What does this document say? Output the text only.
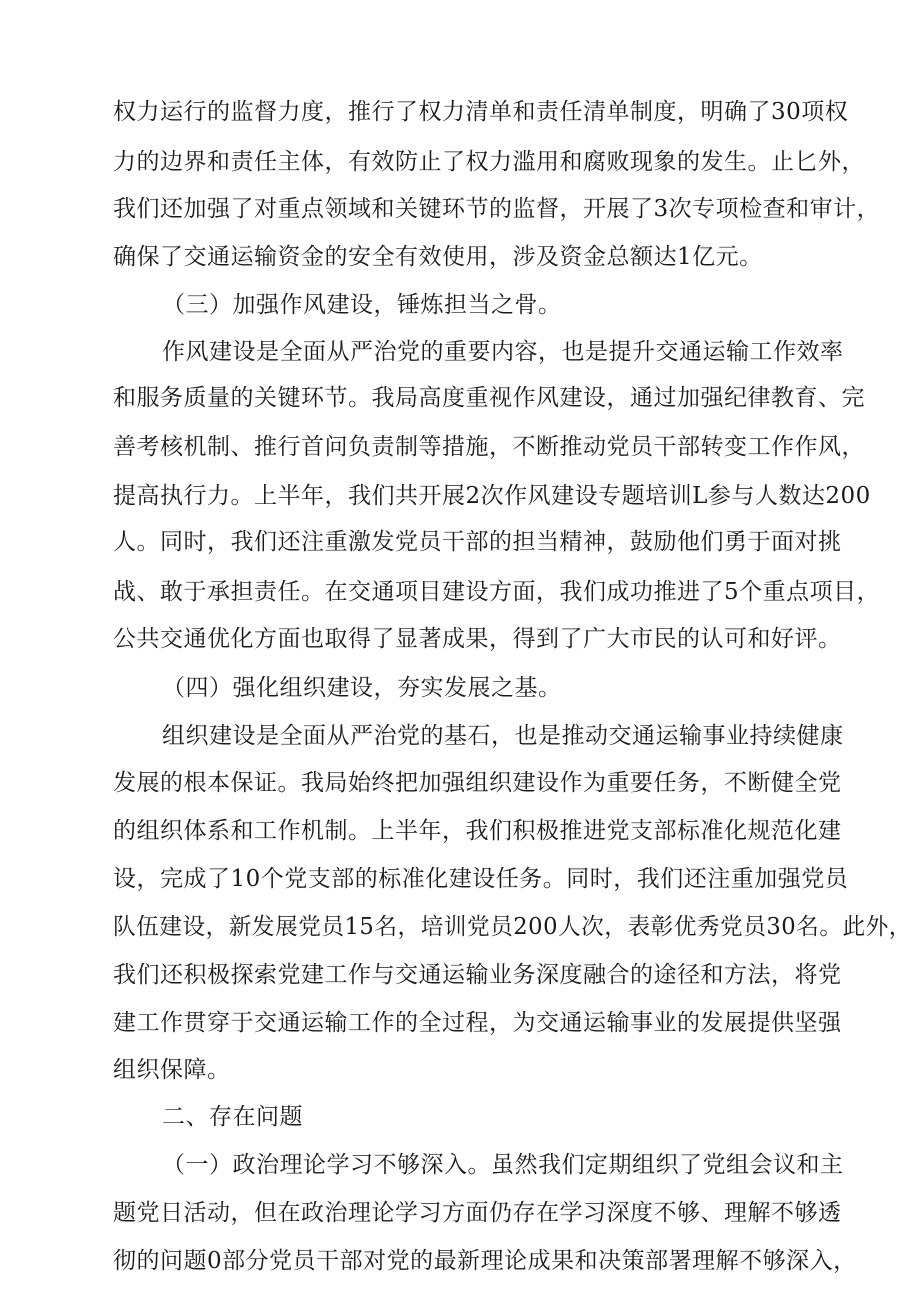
权力运行的监督力度，推行了权力清单和责任清单制度，明确了30项权
力的边界和责任主体，有效防止了权力滥用和腐败现象的发生。止匕外，
我们还加强了对重点领域和关键环节的监督，开展了3次专项检查和审计，
确保了交通运输资金的安全有效使用，涉及资金总额达1亿元。
（三）加强作风建设，锤炼担当之骨。
作风建设是全面从严治党的重要内容，也是提升交通运输工作效率
和服务质量的关键环节。我局高度重视作风建设，通过加强纪律教育、完
善考核机制、推行首问负责制等措施，不断推动党员干部转变工作作风，
提高执行力。上半年，我们共开展2次作风建设专题培训L参与人数达200
人。同时，我们还注重激发党员干部的担当精神，鼓励他们勇于面对挑
战、敢于承担责任。在交通项目建设方面，我们成功推进了5个重点项目，
公共交通优化方面也取得了显著成果，得到了广大市民的认可和好评。
（四）强化组织建设，夯实发展之基。
组织建设是全面从严治党的基石，也是推动交通运输事业持续健康
发展的根本保证。我局始终把加强组织建设作为重要任务，不断健全党
的组织体系和工作机制。上半年，我们积极推进党支部标准化规范化建
设，完成了10个党支部的标准化建设任务。同时，我们还注重加强党员
队伍建设，新发展党员15名，培训党员200人次，表彰优秀党员30名。此外，
我们还积极探索党建工作与交通运输业务深度融合的途径和方法，将党
建工作贯穿于交通运输工作的全过程，为交通运输事业的发展提供坚强
组织保障。
二、存在问题
（一）政治理论学习不够深入。虽然我们定期组织了党组会议和主
题党日活动，但在政治理论学习方面仍存在学习深度不够、理解不够透
彻的问题0部分党员干部对党的最新理论成果和决策部署理解不够深入，
